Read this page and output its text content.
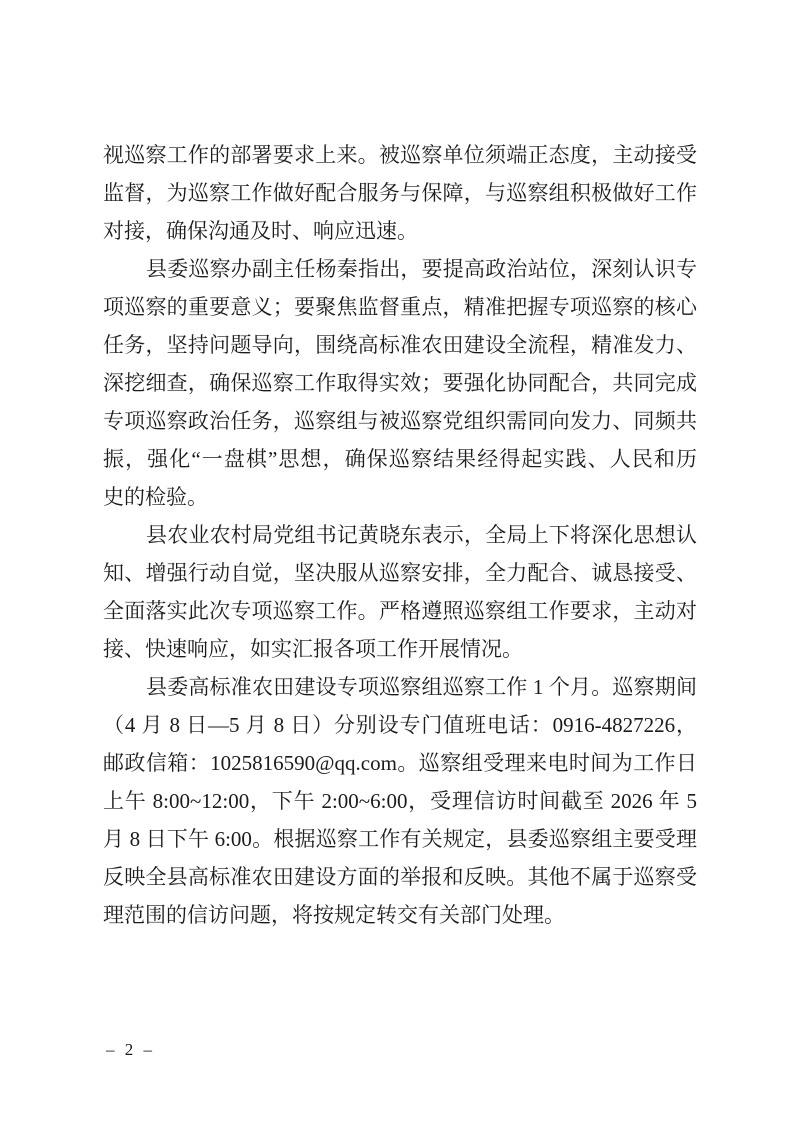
视巡察工作的部署要求上来。被巡察单位须端正态度，主动接受

监督，为巡察工作做好配合服务与保障，与巡察组积极做好工作

对接，确保沟通及时、响应迅速。

县委巡察办副主任杨秦指出，要提高政治站位，深刻认识专

项巡察的重要意义；要聚焦监督重点，精准把握专项巡察的核心

任务，坚持问题导向，围绕高标准农田建设全流程，精准发力、

深挖细查，确保巡察工作取得实效；要强化协同配合，共同完成

专项巡察政治任务，巡察组与被巡察党组织需同向发力、同频共

振，强化“一盘棋”思想，确保巡察结果经得起实践、人民和历

史的检验。

县农业农村局党组书记黄晓东表示，全局上下将深化思想认

知、增强行动自觉，坚决服从巡察安排，全力配合、诚恳接受、

全面落实此次专项巡察工作。严格遵照巡察组工作要求，主动对

接、快速响应，如实汇报各项工作开展情况。

县委高标准农田建设专项巡察组巡察工作 1 个月。巡察期间

（4 月 8 日—5 月 8 日）分别设专门值班电话：0916-4827226，

邮政信箱：1025816590@qq.com。巡察组受理来电时间为工作日

上午 8:00~12:00，下午 2:00~6:00，受理信访时间截至 2026 年 5

月 8 日下午 6:00。根据巡察工作有关规定，县委巡察组主要受理

反映全县高标准农田建设方面的举报和反映。其他不属于巡察受

理范围的信访问题，将按规定转交有关部门处理。

– 2 –
